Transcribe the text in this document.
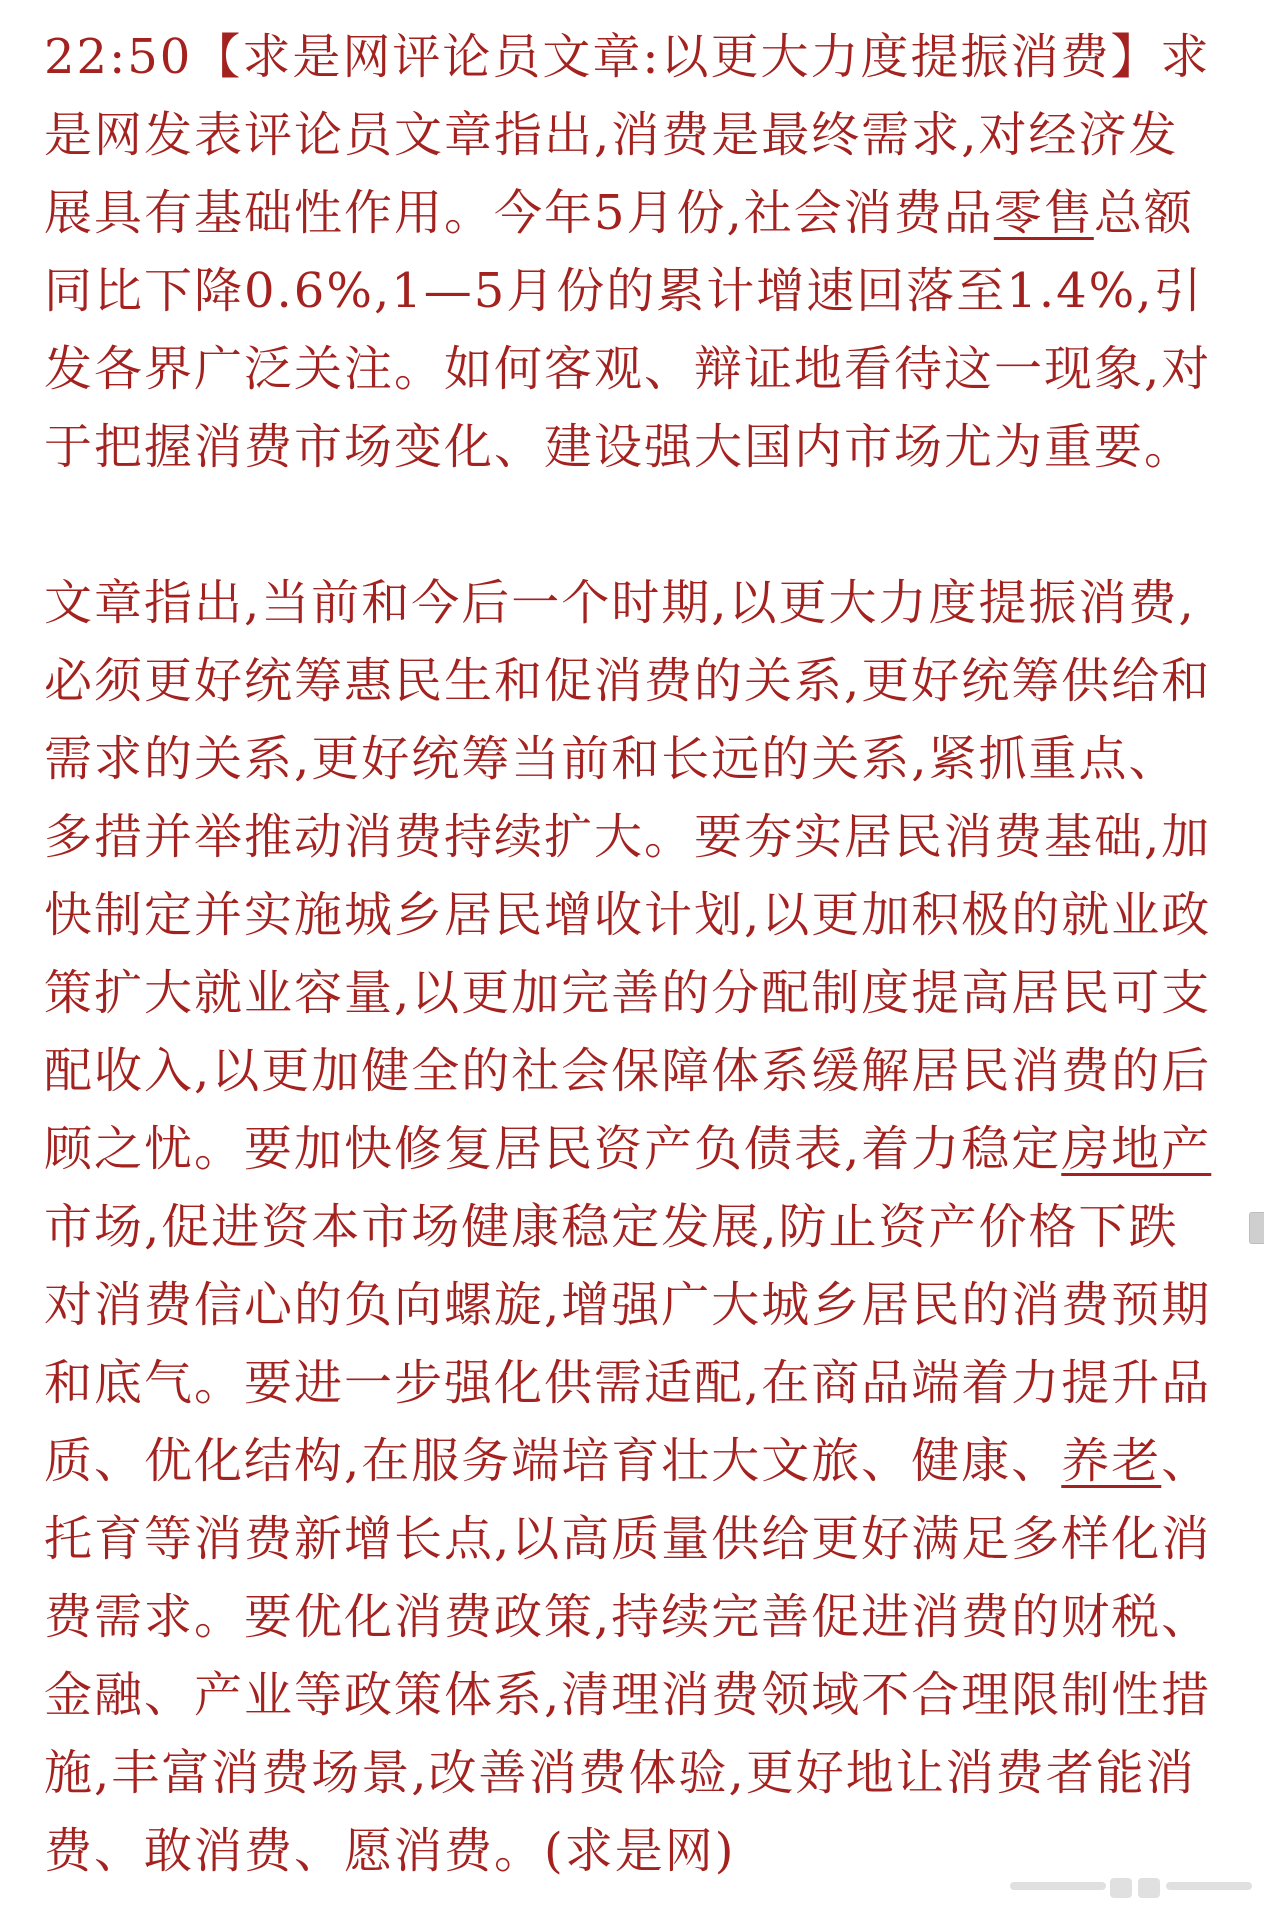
22:50【求是网评论员文章:以更大力度提振消费】求是网发表评论员文章指出,消费是最终需求,对经济发展具有基础性作用。今年5月份,社会消费品零售总额同比下降0.6%,1—5月份的累计增速回落至1.4%,引发各界广泛关注。如何客观、辩证地看待这一现象,对于把握消费市场变化、建设强大国内市场尤为重要。

文章指出,当前和今后一个时期,以更大力度提振消费,必须更好统筹惠民生和促消费的关系,更好统筹供给和需求的关系,更好统筹当前和长远的关系,紧抓重点、多措并举推动消费持续扩大。要夯实居民消费基础,加快制定并实施城乡居民增收计划,以更加积极的就业政策扩大就业容量,以更加完善的分配制度提高居民可支配收入,以更加健全的社会保障体系缓解居民消费的后顾之忧。要加快修复居民资产负债表,着力稳定房地产市场,促进资本市场健康稳定发展,防止资产价格下跌对消费信心的负向螺旋,增强广大城乡居民的消费预期和底气。要进一步强化供需适配,在商品端着力提升品质、优化结构,在服务端培育壮大文旅、健康、养老、托育等消费新增长点,以高质量供给更好满足多样化消费需求。要优化消费政策,持续完善促进消费的财税、金融、产业等政策体系,清理消费领域不合理限制性措施,丰富消费场景,改善消费体验,更好地让消费者能消费、敢消费、愿消费。(求是网)
